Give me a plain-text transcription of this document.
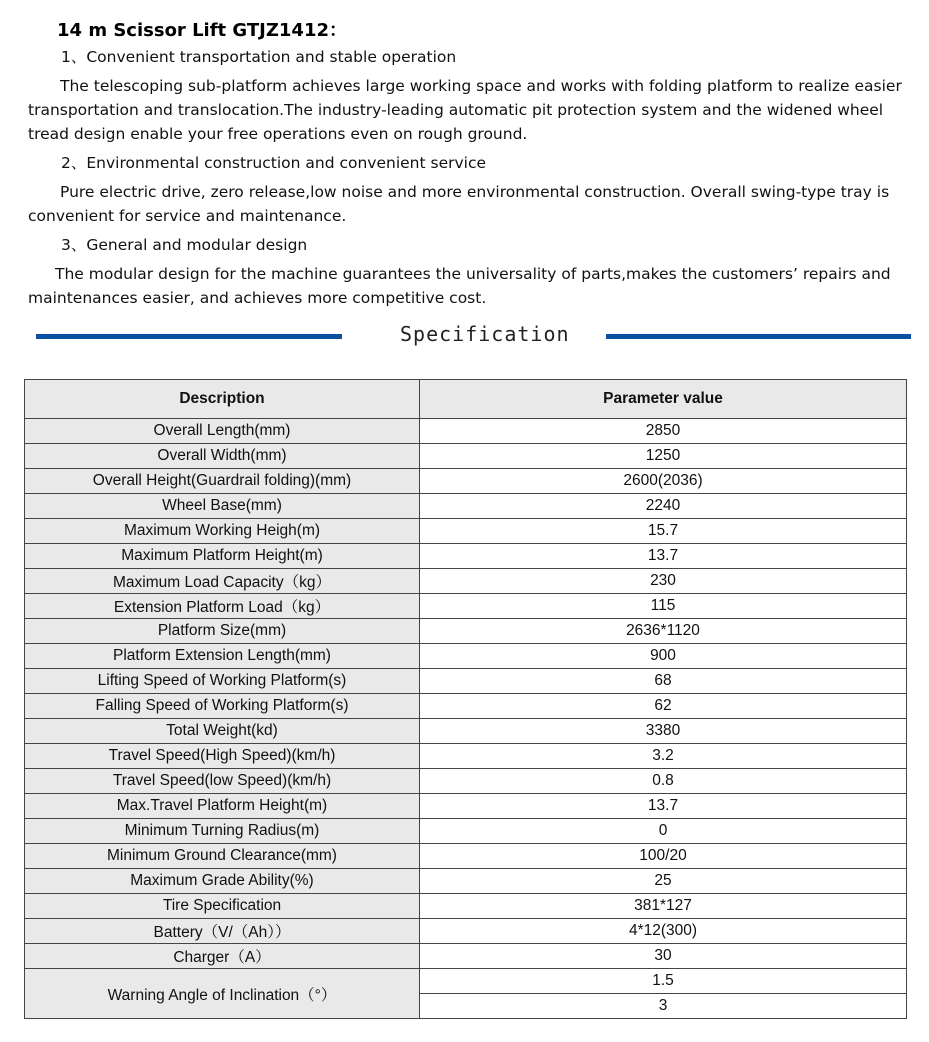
14 m Scissor Lift GTJZ1412：

1、Convenient transportation and stable operation

The telescoping sub-platform achieves large working space and works with folding platform to realize easier transportation and translocation.The industry-leading automatic pit protection system and the widened wheel tread design enable your free operations even on rough ground.

2、Environmental construction and convenient service

Pure electric drive, zero release,low noise and more environmental construction. Overall swing-type tray is convenient for service and maintenance.

3、General and modular design

The modular design for the machine guarantees the universality of parts,makes the customers’ repairs and maintenances easier, and achieves more competitive cost.

Specification
Description	Parameter value
Overall Length(mm)	2850
Overall Width(mm)	1250
Overall Height(Guardrail folding)(mm)	2600(2036)
Wheel Base(mm)	2240
Maximum Working Heigh(m)	15.7
Maximum Platform Height(m)	13.7
Maximum Load Capacity（kg）	230
Extension Platform Load（kg）	115
Platform Size(mm)	2636*1120
Platform Extension Length(mm)	900
Lifting Speed of Working Platform(s)	68
Falling Speed of Working Platform(s)	62
Total Weight(kd)	3380
Travel Speed(High Speed)(km/h)	3.2
Travel Speed(low Speed)(km/h)	0.8
Max.Travel Platform Height(m)	13.7
Minimum Turning Radius(m)	0
Minimum Ground Clearance(mm)	100/20
Maximum Grade Ability(%)	25
Tire Specification	381*127
Battery（V/（Ah））	4*12(300)
Charger（A）	30
Warning Angle of Inclination（°）	1.5
	3
